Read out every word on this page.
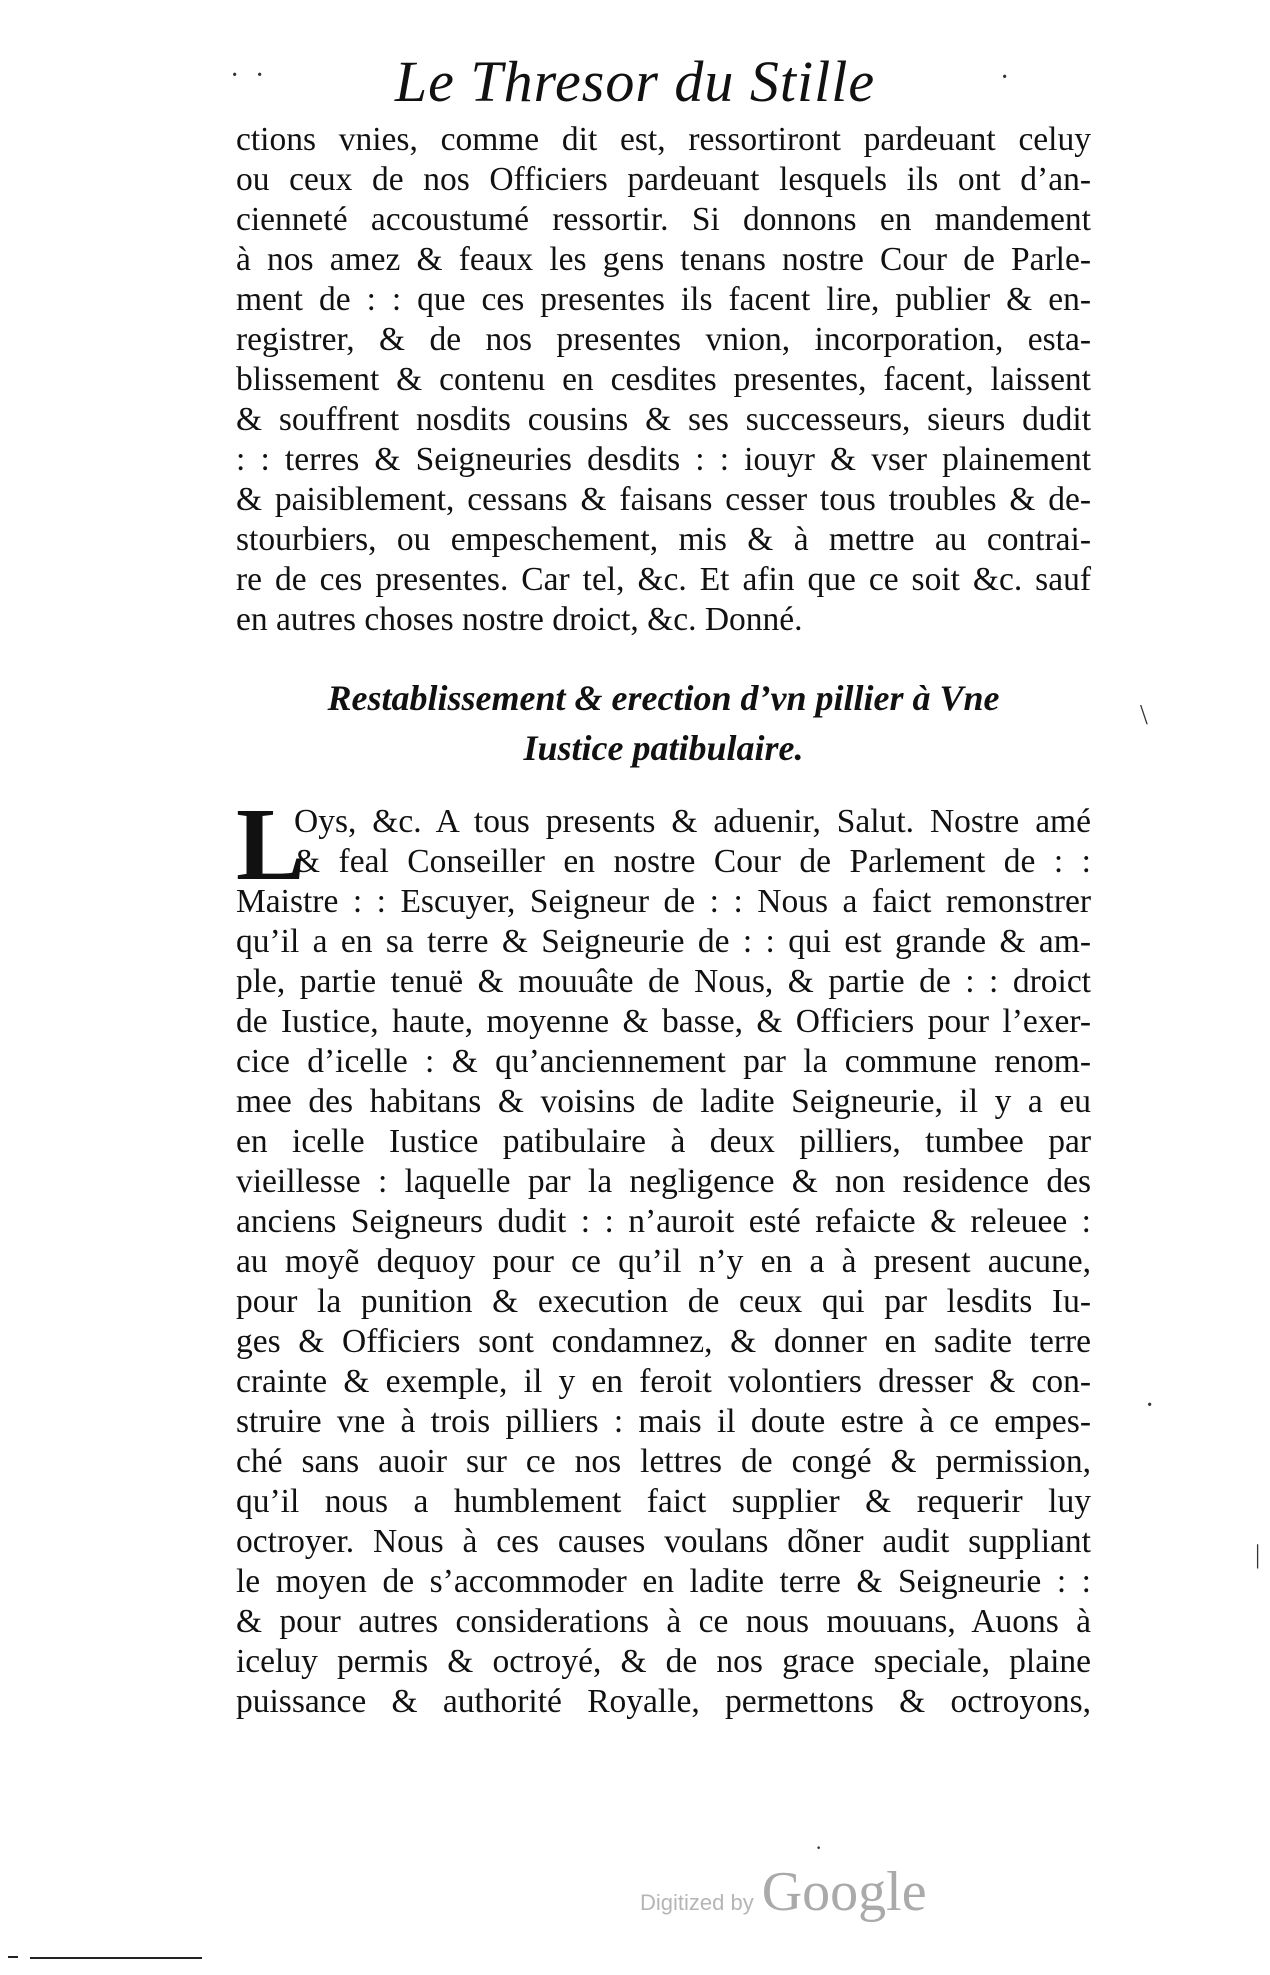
Le Thresor du Stille
· ·	·
ctions vnies, comme dit est, ressortiront pardeuant celuy
ou ceux de nos Officiers pardeuant lesquels ils ont d’an-
cienneté accoustumé ressortir. Si donnons en mandement
à nos amez & feaux les gens tenans nostre Cour de Parle-
ment de : : que ces presentes ils facent lire, publier & en-
registrer, & de nos presentes vnion, incorporation, esta-
blissement & contenu en cesdites presentes, facent, laissent
& souffrent nosdits cousins & ses successeurs, sieurs dudit
: : terres & Seigneuries desdits : : iouyr & vser plainement
& paisiblement, cessans & faisans cesser tous troubles & de-
stourbiers, ou empeschement, mis & à mettre au contrai-
re de ces presentes. Car tel, &c. Et afin que ce soit &c. sauf
en autres choses nostre droict, &c. Donné.
Restablissement & erection d’vn pillier à Vne
Iustice patibulaire.
\
L
Oys, &c. A tous presents & aduenir, Salut. Nostre amé
& feal Conseiller en nostre Cour de Parlement de : :
Maistre : : Escuyer, Seigneur de : : Nous a faict remonstrer
qu’il a en sa terre & Seigneurie de : : qui est grande & am-
ple, partie tenuë & mouuâte de Nous, & partie de : : droict
de Iustice, haute, moyenne & basse, & Officiers pour l’exer-
cice d’icelle : & qu’anciennement par la commune renom-
mee des habitans & voisins de ladite Seigneurie, il y a eu
en icelle Iustice patibulaire à deux pilliers, tumbee par
vieillesse : laquelle par la negligence & non residence des
anciens Seigneurs dudit : : n’auroit esté refaicte & releuee :
au moyẽ dequoy pour ce qu’il n’y en a à present aucune,
pour la punition & execution de ceux qui par lesdits Iu-
ges & Officiers sont condamnez, & donner en sadite terre
crainte & exemple, il y en feroit volontiers dresser & con-
struire vne à trois pilliers : mais il doute estre à ce empes-
ché sans auoir sur ce nos lettres de congé & permission,
qu’il nous a humblement faict supplier & requerir luy
octroyer. Nous à ces causes voulans dõner audit suppliant
le moyen de s’accommoder en ladite terre & Seigneurie : :
& pour autres considerations à ce nous mouuans, Auons à
iceluy permis & octroyé, & de nos grace speciale, plaine
puissance & authorité Royalle, permettons & octroyons,
·
|
·
Digitized by Google
